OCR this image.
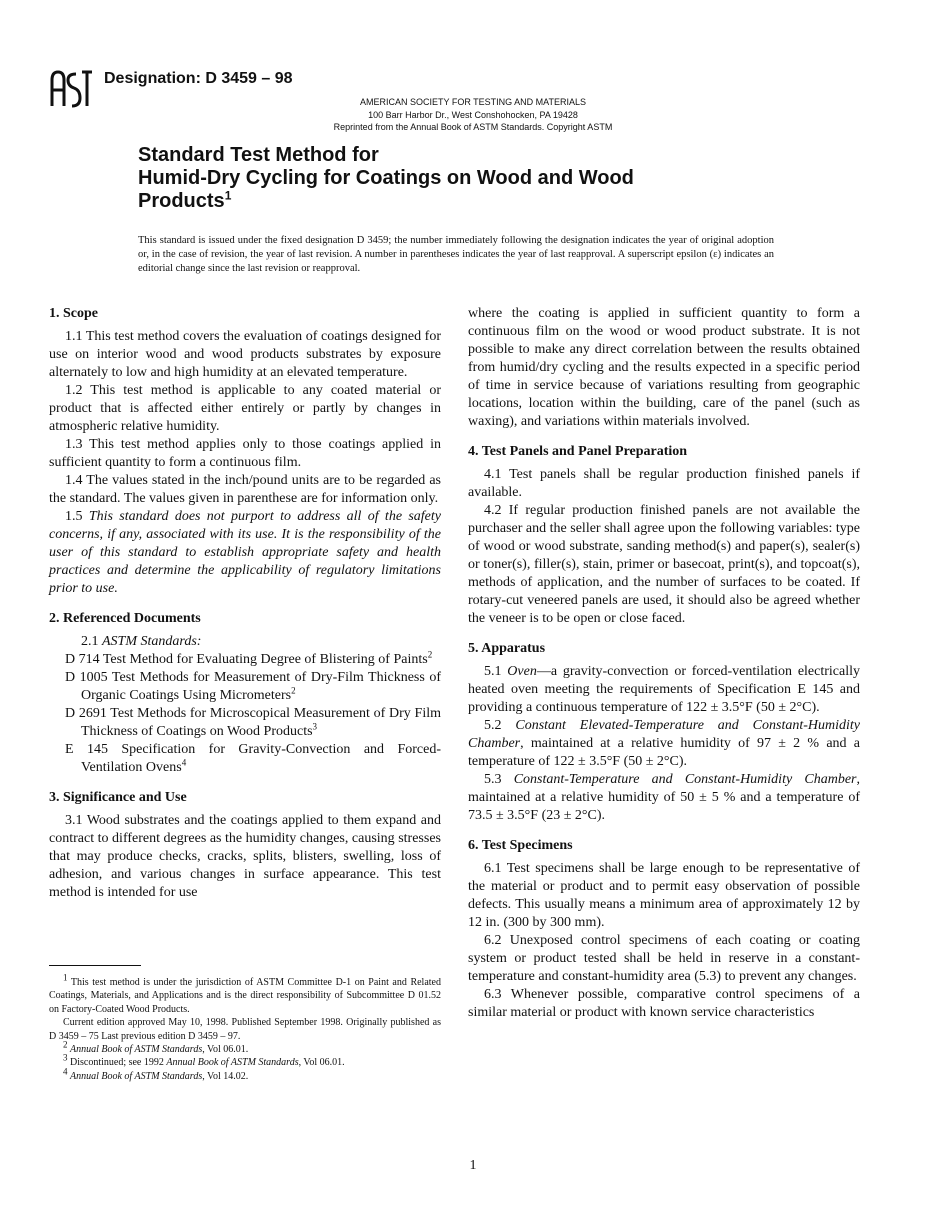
Designation: D 3459 – 98
AMERICAN SOCIETY FOR TESTING AND MATERIALS
100 Barr Harbor Dr., West Conshohocken, PA 19428
Reprinted from the Annual Book of ASTM Standards. Copyright ASTM
Standard Test Method for
Humid-Dry Cycling for Coatings on Wood and Wood
Products$^1$
This standard is issued under the fixed designation D 3459; the number immediately following the designation indicates the year of original adoption or, in the case of revision, the year of last revision. A number in parentheses indicates the year of last reapproval. A superscript epsilon (ε) indicates an editorial change since the last revision or reapproval.
1. Scope

1.1 This test method covers the evaluation of coatings designed for use on interior wood and wood products substrates by exposure alternately to low and high humidity at an elevated temperature.

1.2 This test method is applicable to any coated material or product that is affected either entirely or partly by changes in atmospheric relative humidity.

1.3 This test method applies only to those coatings applied in sufficient quantity to form a continuous film.

1.4 The values stated in the inch/pound units are to be regarded as the standard. The values given in parenthese are for information only.

1.5 This standard does not purport to address all of the safety concerns, if any, associated with its use. It is the responsibility of the user of this standard to establish appropriate safety and health practices and determine the applicability of regulatory limitations prior to use.

2. Referenced Documents

2.1 ASTM Standards:

D 714 Test Method for Evaluating Degree of Blistering of Paints$^2$

D 1005 Test Methods for Measurement of Dry-Film Thickness of Organic Coatings Using Micrometers$^2$

D 2691 Test Methods for Microscopical Measurement of Dry Film Thickness of Coatings on Wood Products$^3$

E 145 Specification for Gravity-Convection and Forced-Ventilation Ovens$^4$

3. Significance and Use

3.1 Wood substrates and the coatings applied to them expand and contract to different degrees as the humidity changes, causing stresses that may produce checks, cracks, splits, blisters, swelling, loss of adhesion, and various changes in surface appearance. This test method is intended for use

$^1$ This test method is under the jurisdiction of ASTM Committee D-1 on Paint and Related Coatings, Materials, and Applications and is the direct responsibility of Subcommittee D 01.52 on Factory-Coated Wood Products.

Current edition approved May 10, 1998. Published September 1998. Originally published as D 3459 – 75 Last previous edition D 3459 – 97.

$^2$ Annual Book of ASTM Standards, Vol 06.01.

$^3$ Discontinued; see 1992 Annual Book of ASTM Standards, Vol 06.01.

$^4$ Annual Book of ASTM Standards, Vol 14.02.

where the coating is applied in sufficient quantity to form a continuous film on the wood or wood product substrate. It is not possible to make any direct correlation between the results obtained from humid/dry cycling and the results expected in a specific period of time in service because of variations resulting from geographic locations, location within the building, care of the panel (such as waxing), and variations within materials involved.

4. Test Panels and Panel Preparation

4.1 Test panels shall be regular production finished panels if available.

4.2 If regular production finished panels are not available the purchaser and the seller shall agree upon the following variables: type of wood or wood substrate, sanding method(s) and paper(s), sealer(s) or toner(s), filler(s), stain, primer or basecoat, print(s), and topcoat(s), methods of application, and the number of surfaces to be coated. If rotary-cut veneered panels are used, it should also be agreed whether the veneer is to be open or close faced.

5. Apparatus

5.1 Oven—a gravity-convection or forced-ventilation electrically heated oven meeting the requirements of Specification E 145 and providing a continuous temperature of 122 ± 3.5°F (50 ± 2°C).

5.2 Constant Elevated-Temperature and Constant-Humidity Chamber, maintained at a relative humidity of 97 ± 2 % and a temperature of 122 ± 3.5°F (50 ± 2°C).

5.3 Constant-Temperature and Constant-Humidity Chamber, maintained at a relative humidity of 50 ± 5 % and a temperature of 73.5 ± 3.5°F (23 ± 2°C).

6. Test Specimens

6.1 Test specimens shall be large enough to be representative of the material or product and to permit easy observation of possible defects. This usually means a minimum area of approximately 12 by 12 in. (300 by 300 mm).

6.2 Unexposed control specimens of each coating or coating system or product tested shall be held in reserve in a constant-temperature and constant-humidity area (5.3) to prevent any changes.

6.3 Whenever possible, comparative control specimens of a similar material or product with known service characteristics

1
